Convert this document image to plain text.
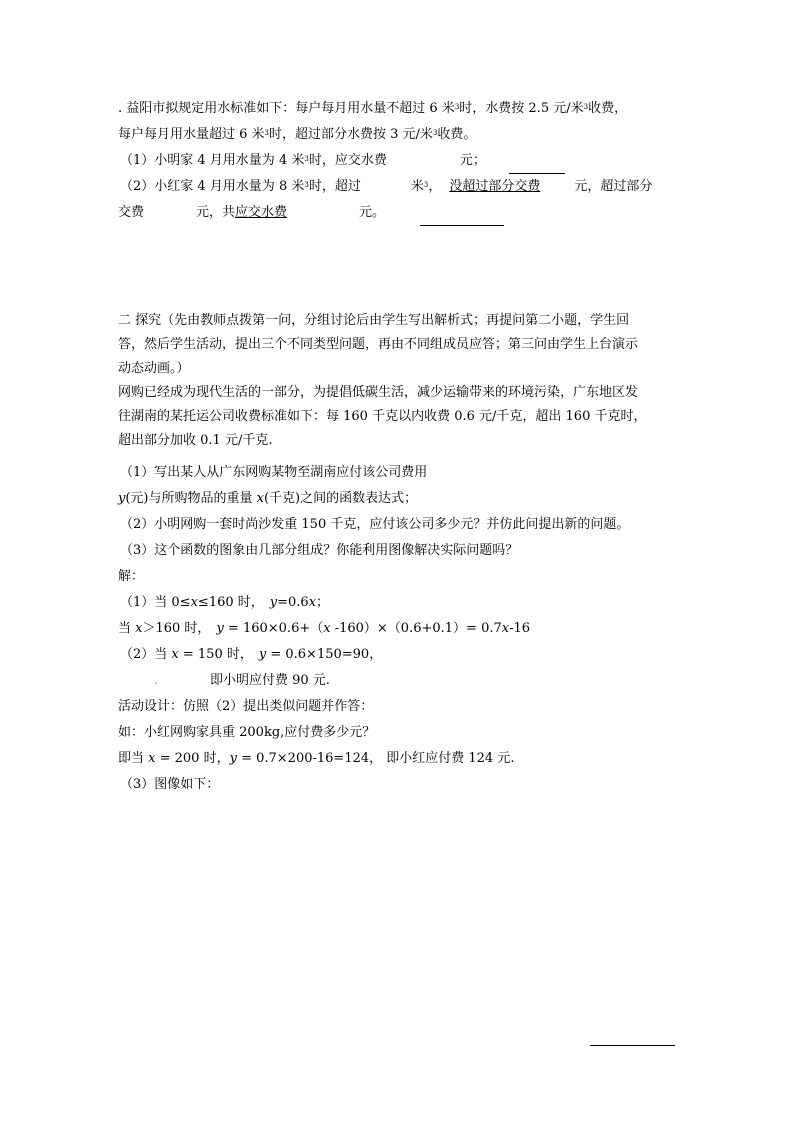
. 益阳市拟规定用水标准如下：每户每月用水量不超过 6 米$^3$时，水费按 2.5 元/米$^3$收费，
每户每月用水量超过 6 米$^3$时，超过部分水费按 3 元/米$^3$收费。
（1）小明家 4 月用水量为 4 米$^3$时，应交水费	元；
（2）小红家 4 月用水量为 8 米$^3$时，超过	米$^3$， 没超过部分交费	元，超过部分
交费	元，共应交水费	元。
二 探究（先由教师点拨第一问，分组讨论后由学生写出解析式；再提问第二小题，学生回
答，然后学生活动，提出三个不同类型问题，再由不同组成员应答；第三问由学生上台演示
动态动画。）
网购已经成为现代生活的一部分，为提倡低碳生活，减少运输带来的环境污染，广东地区发
往湖南的某托运公司收费标准如下：每 160 千克以内收费 0.6 元/千克，超出 160 千克时，
超出部分加收 0.1 元/千克.
（1）写出某人从广东网购某物至湖南应付该公司费用
y(元)与所购物品的重量 x(千克)之间的函数表达式；
（2）小明网购一套时尚沙发重 150 千克，应付该公司多少元？并仿此问提出新的问题。
（3）这个函数的图象由几部分组成？你能利用图像解决实际问题吗？
解：
（1）当 0≤x≤160 时， y=0.6x；
当 x＞160 时， y = 160×0.6+（x -160）×（0.6+0.1）= 0.7x-16
（2）当 x = 150 时， y = 0.6×150=90，
.	即小明应付费 90 元.
活动设计：仿照（2）提出类似问题并作答：
如：小红网购家具重 200kg,应付费多少元？
即当 x = 200 时，y = 0.7×200-16=124， 即小红应付费 124 元.
（3）图像如下：
